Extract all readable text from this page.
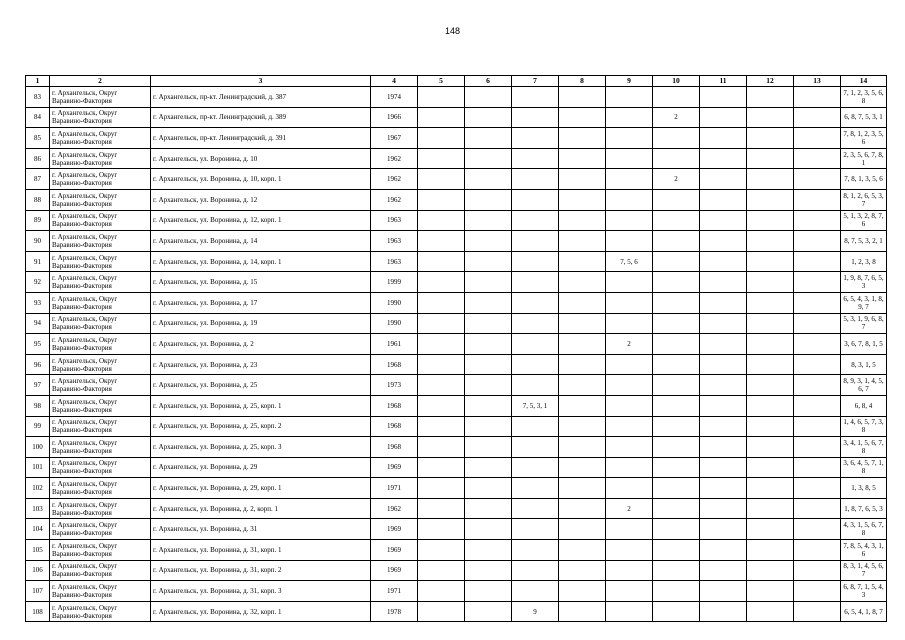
148
1	2	3	4	5	6	7	8	9	10	11	12	13	14
83	г. Архангельск, Округ Варавино-Фактория	г. Архангельск, пр-кт. Ленинградский, д. 387	1974										7, 1, 2, 3, 5, 6, 8
84	г. Архангельск, Округ Варавино-Фактория	г. Архангельск, пр-кт. Ленинградский, д. 389	1966						2				6, 8, 7, 5, 3, 1
85	г. Архангельск, Округ Варавино-Фактория	г. Архангельск, пр-кт. Ленинградский, д. 391	1967										7, 8, 1, 2, 3, 5, 6
86	г. Архангельск, Округ Варавино-Фактория	г. Архангельск, ул. Воронина, д. 10	1962										2, 3, 5, 6, 7, 8, 1
87	г. Архангельск, Округ Варавино-Фактория	г. Архангельск, ул. Воронина, д. 10, корп. 1	1962						2				7, 8, 1, 3, 5, 6
88	г. Архангельск, Округ Варавино-Фактория	г. Архангельск, ул. Воронина, д. 12	1962										8, 1, 2, 6, 5, 3, 7
89	г. Архангельск, Округ Варавино-Фактория	г. Архангельск, ул. Воронина, д. 12, корп. 1	1963										5, 1, 3, 2, 8, 7, 6
90	г. Архангельск, Округ Варавино-Фактория	г. Архангельск, ул. Воронина, д. 14	1963										8, 7, 5, 3, 2, 1
91	г. Архангельск, Округ Варавино-Фактория	г. Архангельск, ул. Воронина, д. 14, корп. 1	1963					7, 5, 6					1, 2, 3, 8
92	г. Архангельск, Округ Варавино-Фактория	г. Архангельск, ул. Воронина, д. 15	1999										1, 9, 8, 7, 6, 5, 3
93	г. Архангельск, Округ Варавино-Фактория	г. Архангельск, ул. Воронина, д. 17	1990										6, 5, 4, 3, 1, 8, 9, 7
94	г. Архангельск, Округ Варавино-Фактория	г. Архангельск, ул. Воронина, д. 19	1990										5, 3, 1, 9, 6, 8, 7
95	г. Архангельск, Округ Варавино-Фактория	г. Архангельск, ул. Воронина, д. 2	1961					2					3, 6, 7, 8, 1, 5
96	г. Архангельск, Округ Варавино-Фактория	г. Архангельск, ул. Воронина, д. 23	1968										8, 3, 1, 5
97	г. Архангельск, Округ Варавино-Фактория	г. Архангельск, ул. Воронина, д. 25	1973										8, 9, 3, 1, 4, 5, 6, 7
98	г. Архангельск, Округ Варавино-Фактория	г. Архангельск, ул. Воронина, д. 25, корп. 1	1968			7, 5, 3, 1							6, 8, 4
99	г. Архангельск, Округ Варавино-Фактория	г. Архангельск, ул. Воронина, д. 25, корп. 2	1968										1, 4, 6, 5, 7, 3, 8
100	г. Архангельск, Округ Варавино-Фактория	г. Архангельск, ул. Воронина, д. 25, корп. 3	1968										3, 4, 1, 5, 6, 7, 8
101	г. Архангельск, Округ Варавино-Фактория	г. Архангельск, ул. Воронина, д. 29	1969										3, 6, 4, 5, 7, 1, 8
102	г. Архангельск, Округ Варавино-Фактория	г. Архангельск, ул. Воронина, д. 29, корп. 1	1971										1, 3, 8, 5
103	г. Архангельск, Округ Варавино-Фактория	г. Архангельск, ул. Воронина, д. 2, корп. 1	1962					2					1, 8, 7, 6, 5, 3
104	г. Архангельск, Округ Варавино-Фактория	г. Архангельск, ул. Воронина, д. 31	1969										4, 3, 1, 5, 6, 7, 8
105	г. Архангельск, Округ Варавино-Фактория	г. Архангельск, ул. Воронина, д. 31, корп. 1	1969										7, 8, 5, 4, 3, 1, 6
106	г. Архангельск, Округ Варавино-Фактория	г. Архангельск, ул. Воронина, д. 31, корп. 2	1969										8, 3, 1, 4, 5, 6, 7
107	г. Архангельск, Округ Варавино-Фактория	г. Архангельск, ул. Воронина, д. 31, корп. 3	1971										6, 8, 7, 1, 5, 4, 3
108	г. Архангельск, Округ Варавино-Фактория	г. Архангельск, ул. Воронина, д. 32, корп. 1	1978			9							6, 5, 4, 1, 8, 7
